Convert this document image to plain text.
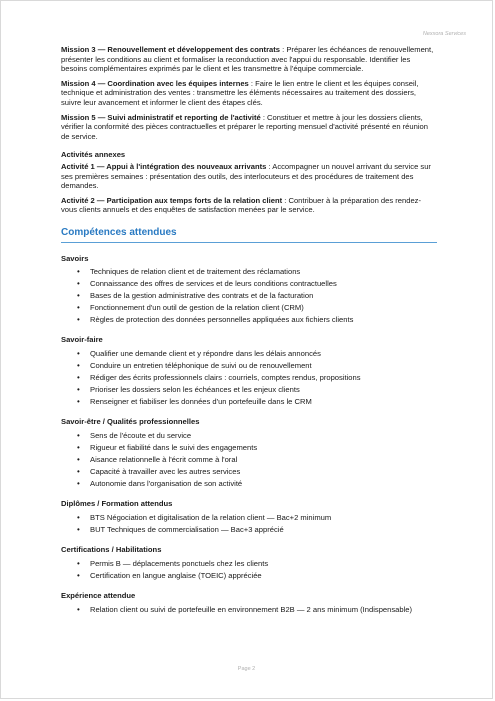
Nexxora Services

Mission 3 — Renouvellement et développement des contrats : Préparer les échéances de renouvellement, présenter les conditions au client et formaliser la reconduction avec l'appui du responsable. Identifier les besoins complémentaires exprimés par le client et les transmettre à l'équipe commerciale.

Mission 4 — Coordination avec les équipes internes : Faire le lien entre le client et les équipes conseil, technique et administration des ventes : transmettre les éléments nécessaires au traitement des dossiers, suivre leur avancement et informer le client des étapes clés.

Mission 5 — Suivi administratif et reporting de l'activité : Constituer et mettre à jour les dossiers clients, vérifier la conformité des pièces contractuelles et préparer le reporting mensuel d'activité présenté en réunion de service.

Activités annexes

Activité 1 — Appui à l'intégration des nouveaux arrivants : Accompagner un nouvel arrivant du service sur ses premières semaines : présentation des outils, des interlocuteurs et des procédures de traitement des demandes.

Activité 2 — Participation aux temps forts de la relation client : Contribuer à la préparation des rendez-vous clients annuels et des enquêtes de satisfaction menées par le service.

Compétences attendues
Savoirs
• Techniques de relation client et de traitement des réclamations
• Connaissance des offres de services et de leurs conditions contractuelles
• Bases de la gestion administrative des contrats et de la facturation
• Fonctionnement d'un outil de gestion de la relation client (CRM)
• Règles de protection des données personnelles appliquées aux fichiers clients
Savoir-faire
• Qualifier une demande client et y répondre dans les délais annoncés
• Conduire un entretien téléphonique de suivi ou de renouvellement
• Rédiger des écrits professionnels clairs : courriels, comptes rendus, propositions
• Prioriser les dossiers selon les échéances et les enjeux clients
• Renseigner et fiabiliser les données d'un portefeuille dans le CRM
Savoir-être / Qualités professionnelles
• Sens de l'écoute et du service
• Rigueur et fiabilité dans le suivi des engagements
• Aisance relationnelle à l'écrit comme à l'oral
• Capacité à travailler avec les autres services
• Autonomie dans l'organisation de son activité
Diplômes / Formation attendus
• BTS Négociation et digitalisation de la relation client — Bac+2 minimum
• BUT Techniques de commercialisation — Bac+3 apprécié
Certifications / Habilitations
• Permis B — déplacements ponctuels chez les clients
• Certification en langue anglaise (TOEIC) appréciée
Expérience attendue
• Relation client ou suivi de portefeuille en environnement B2B — 2 ans minimum (Indispensable)
Page 2
